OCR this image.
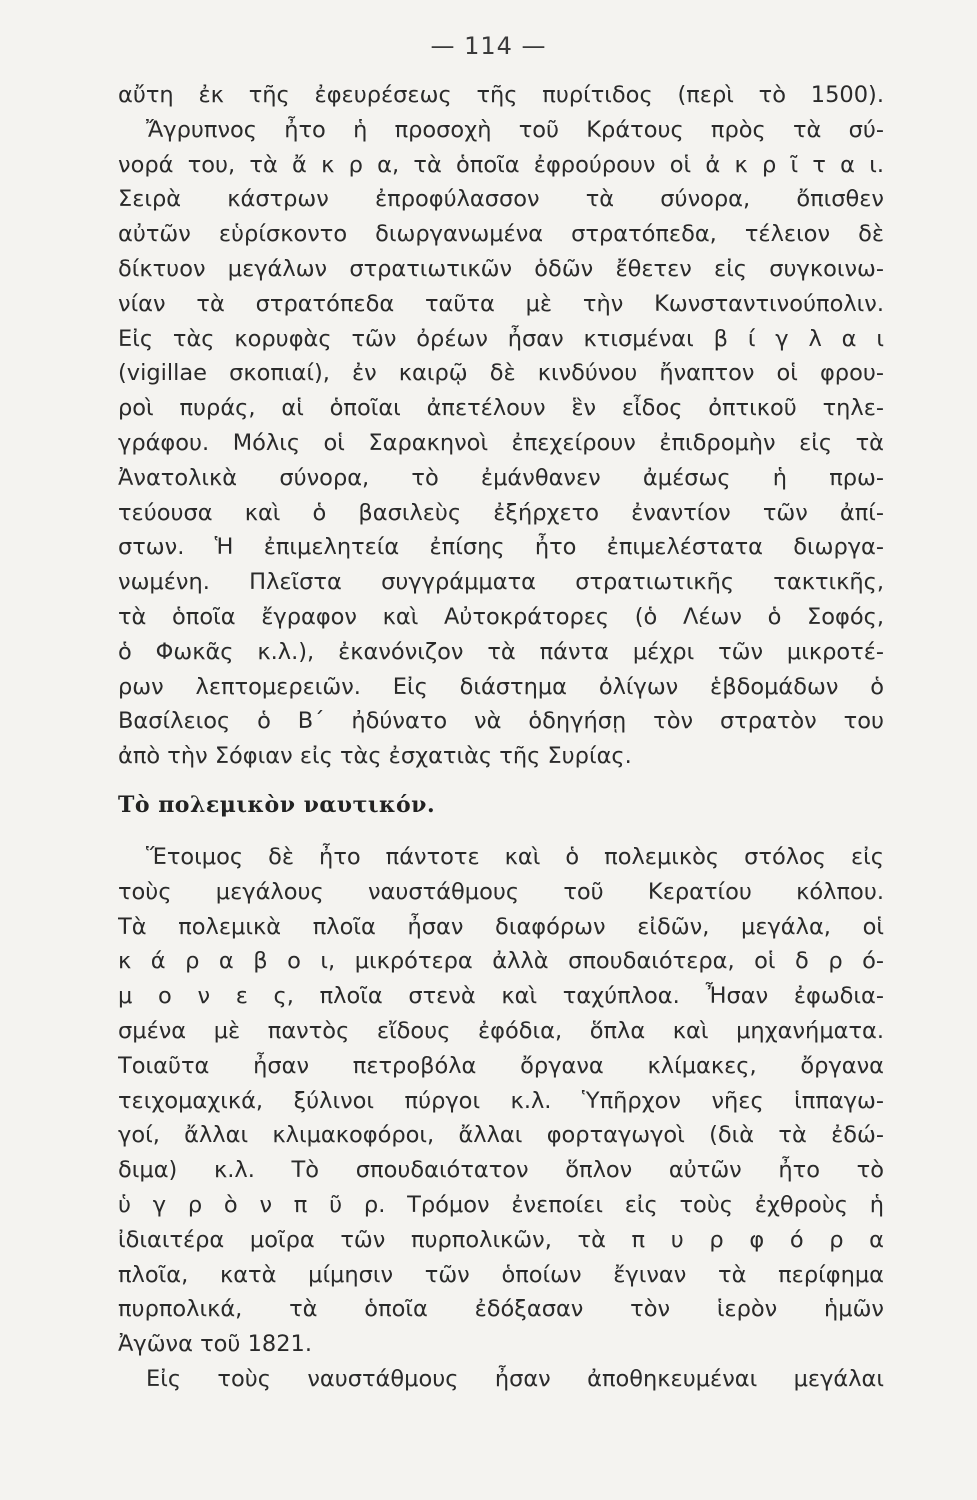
— 114 —
αὔτη ἐκ τῆς ἐφευρέσεως τῆς πυρίτιδος (περὶ τὸ 1500).
Ἄγρυπνος ἦτο ἡ προσοχὴ τοῦ Κράτους πρὸς τὰ σύ-
νορά του, τὰ ἄ κ ρ α, τὰ ὁποῖα ἐφρούρουν οἱ ἀ κ ρ ῖ τ α ι.
Σειρὰ κάστρων ἐπροφύλασσον τὰ σύνορα, ὄπισθεν
αὐτῶν εὑρίσκοντο διωργανωμένα στρατόπεδα, τέλειον δὲ
δίκτυον μεγάλων στρατιωτικῶν ὁδῶν ἔθετεν εἰς συγκοινω-
νίαν τὰ στρατόπεδα ταῦτα μὲ τὴν Κωνσταντινούπολιν.
Εἰς τὰς κορυφὰς τῶν ὀρέων ἦσαν κτισμέναι β ί γ λ α ι
(vigillae σκοπιαί), ἐν καιρῷ δὲ κινδύνου ἤναπτον οἱ φρου-
ροὶ πυράς, αἱ ὁποῖαι ἀπετέλουν ἓν εἶδος ὀπτικοῦ τηλε-
γράφου. Μόλις οἱ Σαρακηνοὶ ἐπεχείρουν ἐπιδρομὴν εἰς τὰ
Ἀνατολικὰ σύνορα, τὸ ἐμάνθανεν ἀμέσως ἡ πρω-
τεύουσα καὶ ὁ βασιλεὺς ἐξήρχετο ἐναντίον τῶν ἀπί-
στων. Ἡ ἐπιμελητεία ἐπίσης ἦτο ἐπιμελέστατα διωργα-
νωμένη. Πλεῖστα συγγράμματα στρατιωτικῆς τακτικῆς,
τὰ ὁποῖα ἔγραφον καὶ Αὐτοκράτορες (ὁ Λέων ὁ Σοφός,
ὁ Φωκᾶς κ.λ.), ἐκανόνιζον τὰ πάντα μέχρι τῶν μικροτέ-
ρων λεπτομερειῶν. Εἰς διάστημα ὀλίγων ἑβδομάδων ὁ
Βασίλειος ὁ Β΄ ἠδύνατο νὰ ὁδηγήσῃ τὸν στρατὸν του
ἀπὸ τὴν Σόφιαν εἰς τὰς ἐσχατιὰς τῆς Συρίας.
Τὸ πολεμικὸν ναυτικόν.
Ἕτοιμος δὲ ἦτο πάντοτε καὶ ὁ πολεμικὸς στόλος εἰς
τοὺς μεγάλους ναυστάθμους τοῦ Κερατίου κόλπου.
Τὰ πολεμικὰ πλοῖα ἦσαν διαφόρων εἰδῶν, μεγάλα, οἱ
κ ά ρ α β ο ι, μικρότερα ἀλλὰ σπουδαιότερα, οἱ δ ρ ό-
μ ο ν ε ς, πλοῖα στενὰ καὶ ταχύπλοα. Ἦσαν ἐφωδια-
σμένα μὲ παντὸς εἴδους ἐφόδια, ὅπλα καὶ μηχανήματα.
Τοιαῦτα ἦσαν πετροβόλα ὄργανα κλίμακες, ὄργανα
τειχομαχικά, ξύλινοι πύργοι κ.λ. Ὑπῆρχον νῆες ἱππαγω-
γοί, ἄλλαι κλιμακοφόροι, ἄλλαι φορταγωγοὶ (διὰ τὰ ἐδώ-
διμα) κ.λ. Τὸ σπουδαιότατον ὅπλον αὐτῶν ἦτο τὸ
ὑ γ ρ ὸ ν π ῦ ρ. Τρόμον ἐνεποίει εἰς τοὺς ἐχθροὺς ἡ
ἰδιαιτέρα μοῖρα τῶν πυρπολικῶν, τὰ π υ ρ φ ό ρ α
πλοῖα, κατὰ μίμησιν τῶν ὁποίων ἔγιναν τὰ περίφημα
πυρπολικά, τὰ ὁποῖα ἐδόξασαν τὸν ἱερὸν ἡμῶν
Ἀγῶνα τοῦ 1821.
Εἰς τοὺς ναυστάθμους ἦσαν ἀποθηκευμέναι μεγάλαι
